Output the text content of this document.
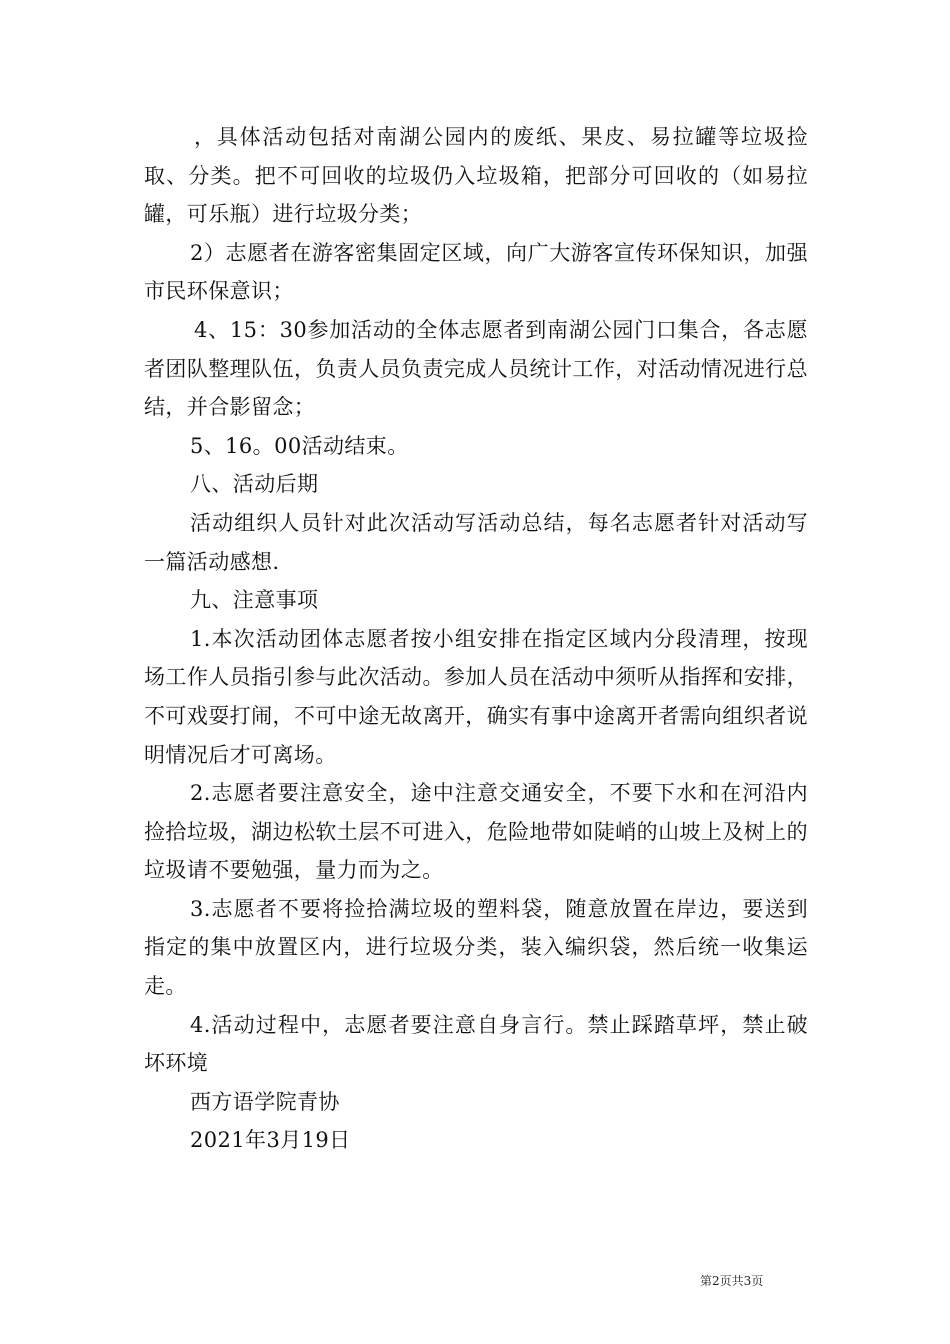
，具体活动包括对南湖公园内的废纸、果皮、易拉罐等垃圾捡取、分类。把不可回收的垃圾仍入垃圾箱，把部分可回收的（如易拉罐，可乐瓶）进行垃圾分类；

2）志愿者在游客密集固定区域，向广大游客宣传环保知识，加强市民环保意识；

4、15：30参加活动的全体志愿者到南湖公园门口集合，各志愿者团队整理队伍，负责人员负责完成人员统计工作，对活动情况进行总结，并合影留念；

5、16。00活动结束。

八、活动后期

活动组织人员针对此次活动写活动总结，每名志愿者针对活动写一篇活动感想.

九、注意事项

1.本次活动团体志愿者按小组安排在指定区域内分段清理，按现场工作人员指引参与此次活动。参加人员在活动中须听从指挥和安排，不可戏耍打闹，不可中途无故离开，确实有事中途离开者需向组织者说明情况后才可离场。

2.志愿者要注意安全，途中注意交通安全，不要下水和在河沿内捡拾垃圾，湖边松软土层不可进入，危险地带如陡峭的山坡上及树上的垃圾请不要勉强，量力而为之。

3.志愿者不要将捡拾满垃圾的塑料袋，随意放置在岸边，要送到指定的集中放置区内，进行垃圾分类，装入编织袋，然后统一收集运走。

4.活动过程中，志愿者要注意自身言行。禁止踩踏草坪，禁止破坏环境

西方语学院青协

2021年3月19日

第2页共3页
